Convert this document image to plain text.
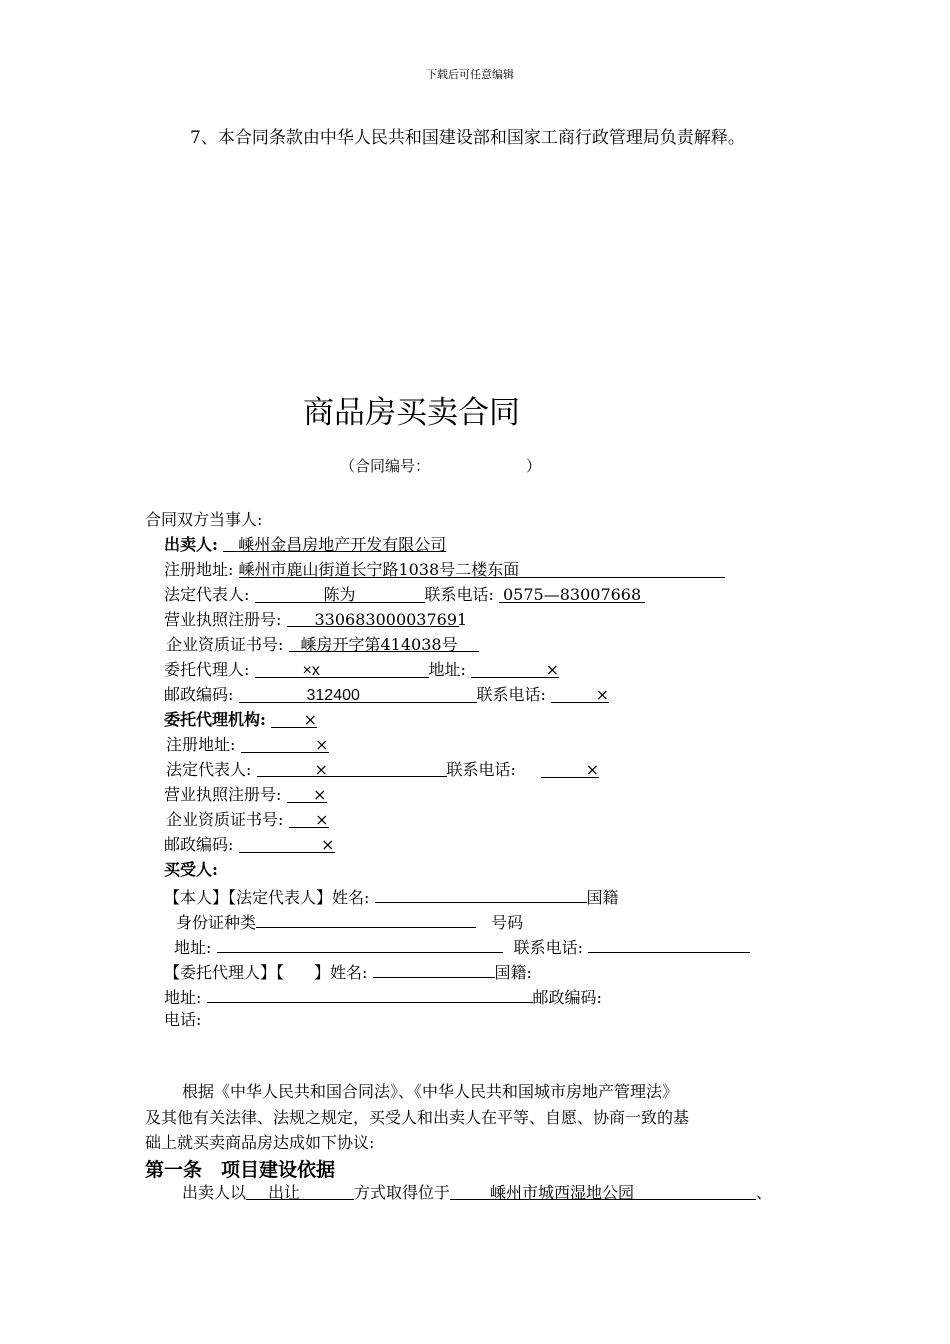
下载后可任意编辑
7、本合同条款由中华人民共和国建设部和国家工商行政管理局负责解释。
商品房买卖合同
（合同编号：	）
合同双方当事人:
出卖人: 嵊州金昌房地产开发有限公司
注册地址: 嵊州市鹿山街道长宁路1038号二楼东面
法定代表人:	陈为	联系电话: 0575—83007668
营业执照注册号: 330683000037691
企业资质证书号: 嵊房开字第414038号
委托代理人:	×x	地址:	×
邮政编码:	312400	联系电话:	×
委托代理机构: ×
注册地址:	×
法定代表人:	×	联系电话:	×
营业执照注册号: ×
企业资质证书号: ×
邮政编码:	×
买受人:
【本人】【法定代表人】姓名:	国籍
身份证种类	号码
地址:	联系电话:
【委托代理人】【 】姓名:	国籍:
地址:	邮政编码:
电话:
根据《中华人民共和国合同法》、《中华人民共和国城市房地产管理法》
及其他有关法律、法规之规定，买受人和出卖人在平等、自愿、协商一致的基
础上就买卖商品房达成如下协议:
第一条　项目建设依据
出卖人以 出让	方式取得位于	嵊州市城西湿地公园	、
